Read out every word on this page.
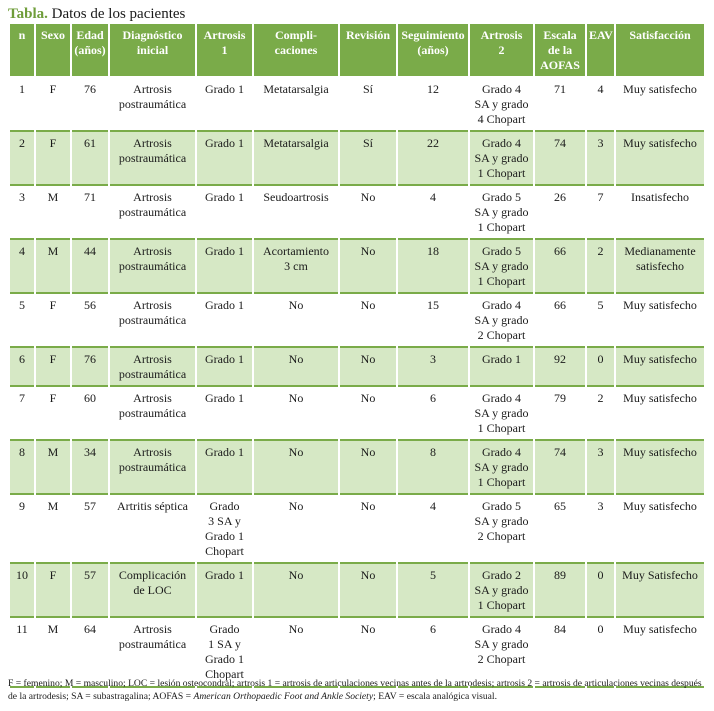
Tabla. Datos de los pacientes
n	Sexo	Edad
(años)	Diagnóstico
inicial	Artrosis
1	Compli-
caciones	Revisión	Seguimiento
(años)	Artrosis
2	Escala
de la
AOFAS	EAV	Satisfacción
1	F	76	Artrosis
postraumática	Grado 1	Metatarsalgia	Sí	12	Grado 4
SA y grado
4 Chopart	71	4	Muy satisfecho
2	F	61	Artrosis
postraumática	Grado 1	Metatarsalgia	Sí	22	Grado 4
SA y grado
1 Chopart	74	3	Muy satisfecho
3	M	71	Artrosis
postraumática	Grado 1	Seudoartrosis	No	4	Grado 5
SA y grado
1 Chopart	26	7	Insatisfecho
4	M	44	Artrosis
postraumática	Grado 1	Acortamiento
3 cm	No	18	Grado 5
SA y grado
1 Chopart	66	2	Medianamente
satisfecho
5	F	56	Artrosis
postraumática	Grado 1	No	No	15	Grado 4
SA y grado
2 Chopart	66	5	Muy satisfecho
6	F	76	Artrosis
postraumática	Grado 1	No	No	3	Grado 1	92	0	Muy satisfecho
7	F	60	Artrosis
postraumática	Grado 1	No	No	6	Grado 4
SA y grado
1 Chopart	79	2	Muy satisfecho
8	M	34	Artrosis
postraumática	Grado 1	No	No	8	Grado 4
SA y grado
1 Chopart	74	3	Muy satisfecho
9	M	57	Artritis séptica	Grado
3 SA y
Grado 1
Chopart	No	No	4	Grado 5
SA y grado
2 Chopart	65	3	Muy satisfecho
10	F	57	Complicación
de LOC	Grado 1	No	No	5	Grado 2
SA y grado
1 Chopart	89	0	Muy Satisfecho
11	M	64	Artrosis
postraumática	Grado
1 SA y
Grado 1
Chopart	No	No	6	Grado 4
SA y grado
2 Chopart	84	0	Muy satisfecho
F = femenino; M = masculino; LOC = lesión osteocondral; artrosis 1 = artrosis de articulaciones vecinas antes de la artrodesis; artrosis 2 = artrosis de articulaciones vecinas después de la artrodesis; SA = subastragalina; AOFAS = American Orthopaedic Foot and Ankle Society; EAV = escala analógica visual.
